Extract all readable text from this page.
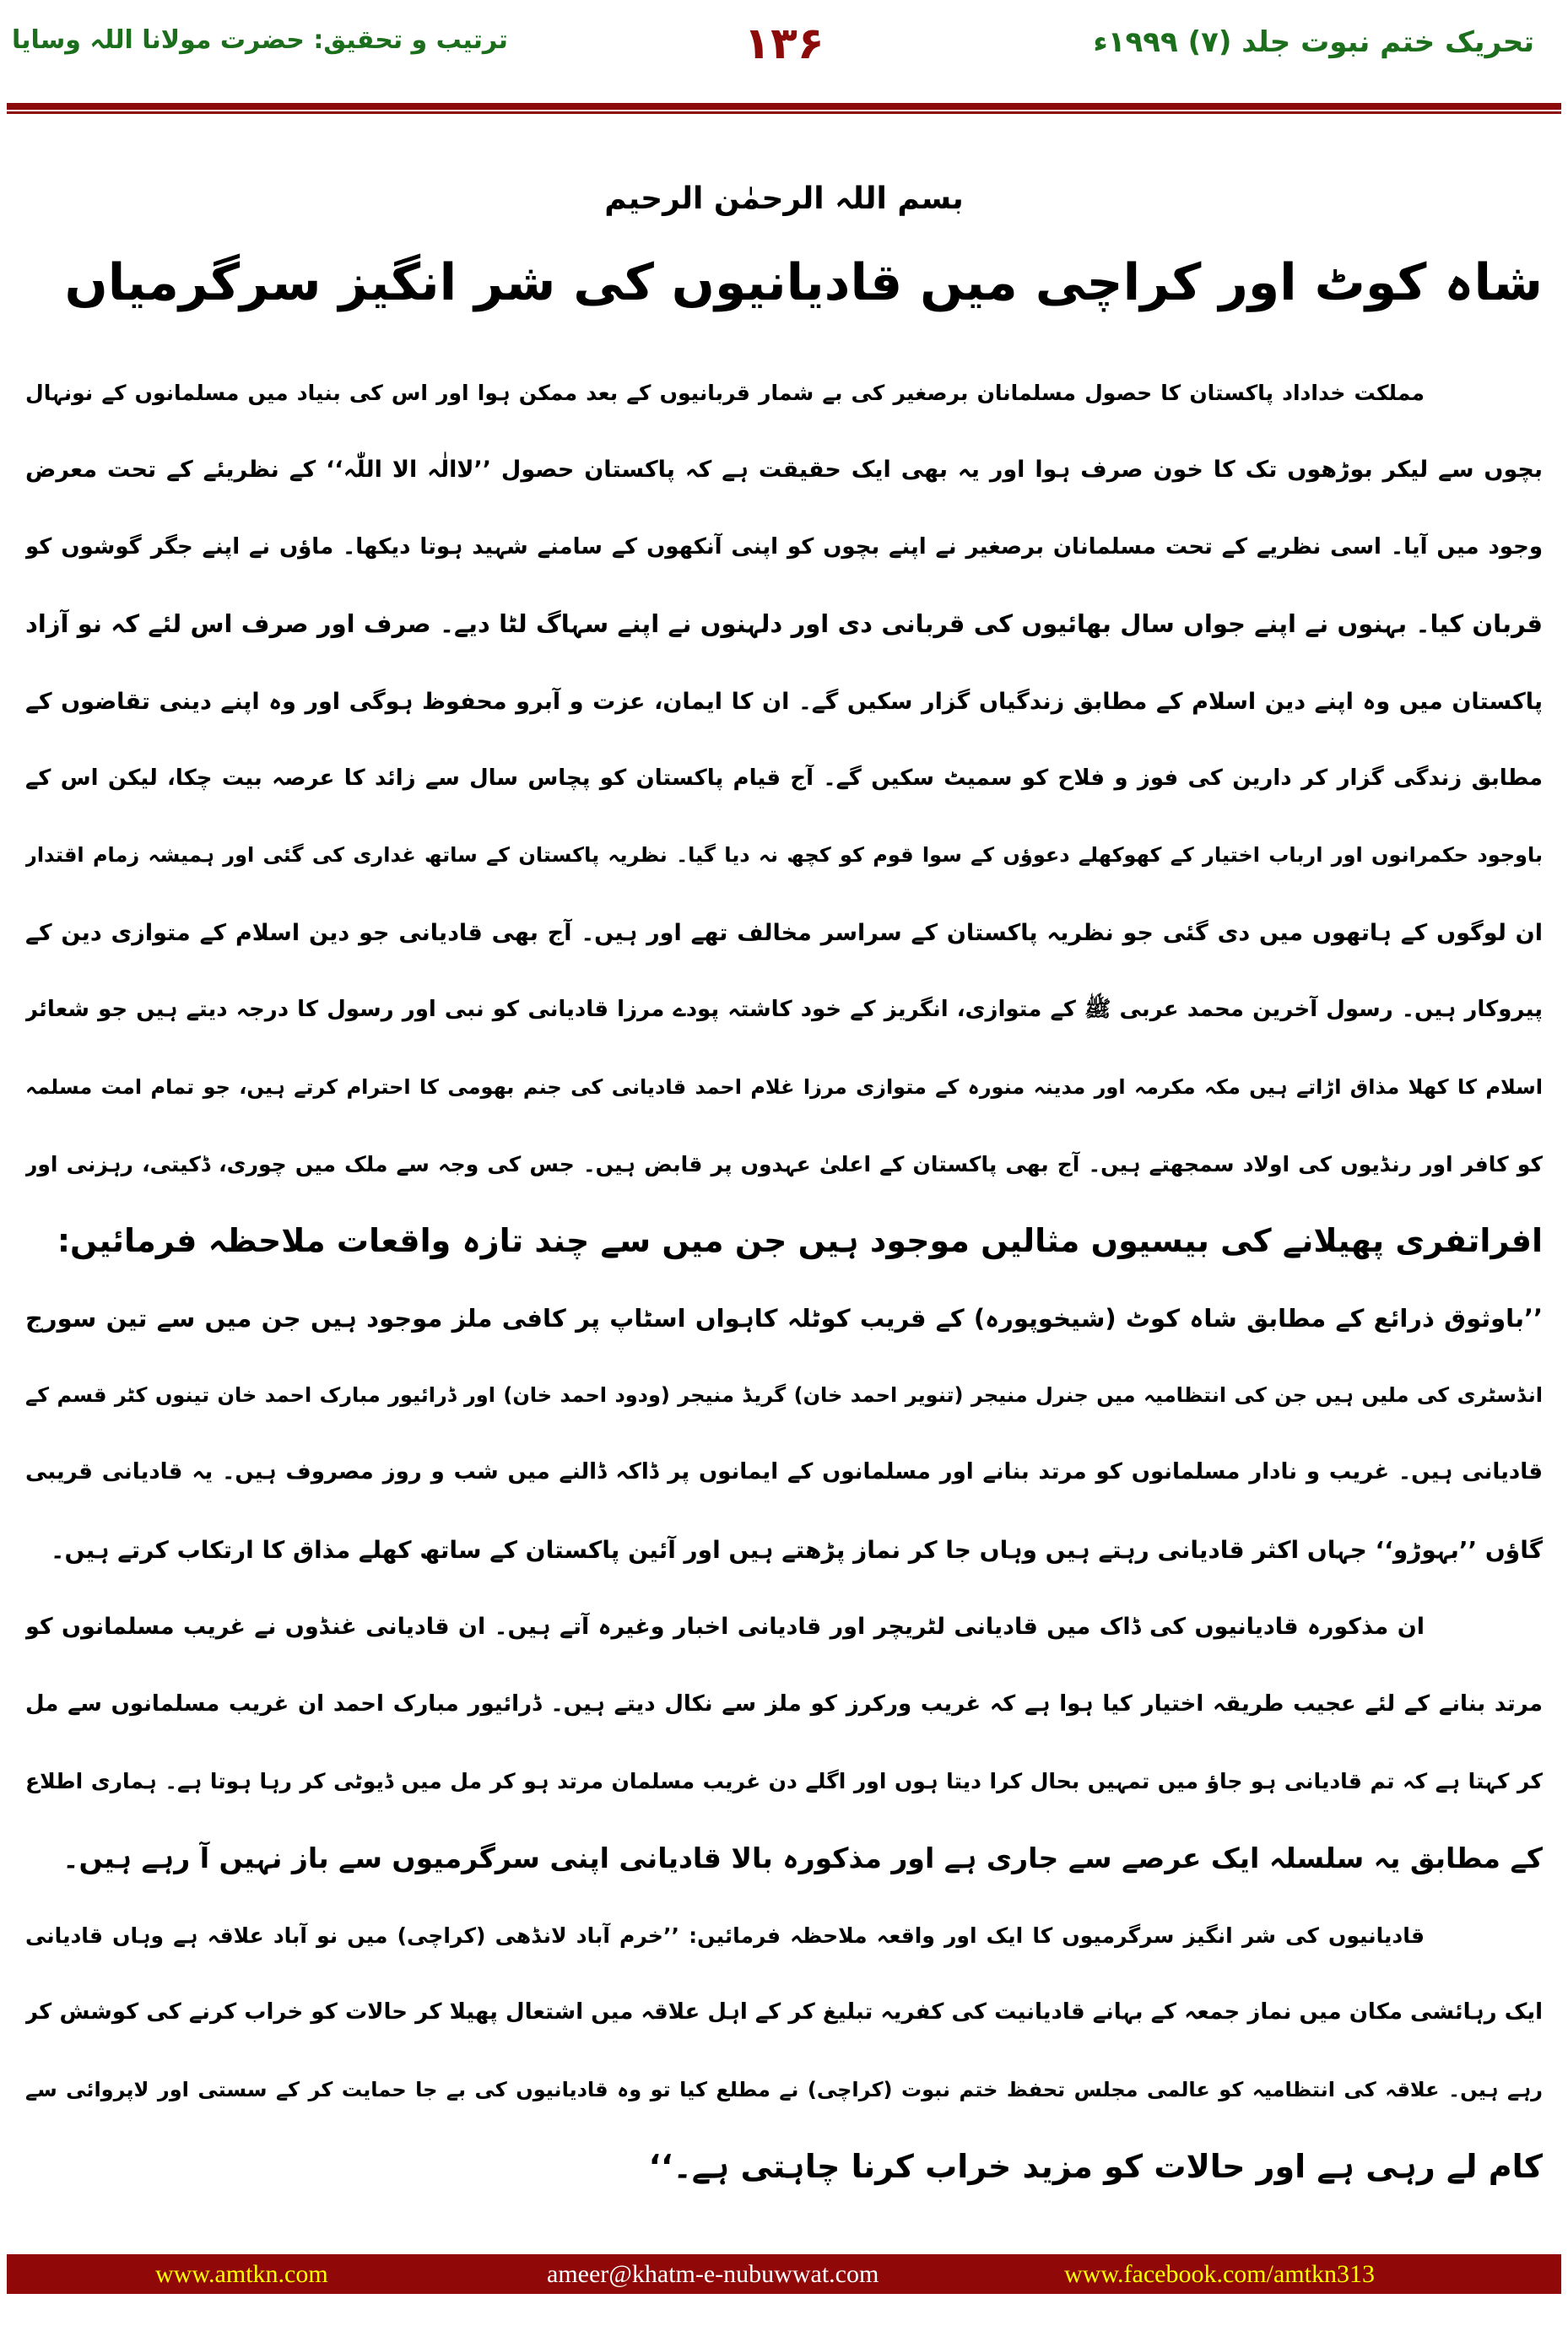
تحریک ختم نبوت جلد (۷) ۱۹۹۹ء
۱۳۶
ترتیب و تحقیق: حضرت مولانا اللہ وسایا
بسم اللہ الرحمٰن الرحیم
شاہ کوٹ اور کراچی میں قادیانیوں کی شر انگیز سرگرمیاں
مملکت خداداد پاکستان کا حصول مسلمانان برصغیر کی بے شمار قربانیوں کے بعد ممکن ہوا اور اس کی بنیاد میں مسلمانوں کے نونہال
بچوں سے لیکر بوڑھوں تک کا خون صرف ہوا اور یہ بھی ایک حقیقت ہے کہ پاکستان حصول ’’لاالٰہ الا اللّٰہ‘‘ کے نظریئے کے تحت معرض
وجود میں آیا۔ اسی نظریے کے تحت مسلمانان برصغیر نے اپنے بچوں کو اپنی آنکھوں کے سامنے شہید ہوتا دیکھا۔ ماؤں نے اپنے جگر گوشوں کو
قربان کیا۔ بہنوں نے اپنے جواں سال بھائیوں کی قربانی دی اور دلہنوں نے اپنے سہاگ لٹا دیے۔ صرف اور صرف اس لئے کہ نو آزاد
پاکستان میں وہ اپنے دین اسلام کے مطابق زندگیاں گزار سکیں گے۔ ان کا ایمان، عزت و آبرو محفوظ ہوگی اور وہ اپنے دینی تقاضوں کے
مطابق زندگی گزار کر دارین کی فوز و فلاح کو سمیٹ سکیں گے۔ آج قیام پاکستان کو پچاس سال سے زائد کا عرصہ بیت چکا، لیکن اس کے
باوجود حکمرانوں اور ارباب اختیار کے کھوکھلے دعوؤں کے سوا قوم کو کچھ نہ دیا گیا۔ نظریہ پاکستان کے ساتھ غداری کی گئی اور ہمیشہ زمام اقتدار
ان لوگوں کے ہاتھوں میں دی گئی جو نظریہ پاکستان کے سراسر مخالف تھے اور ہیں۔ آج بھی قادیانی جو دین اسلام کے متوازی دین کے
پیروکار ہیں۔ رسول آخرین محمد عربی ﷺ کے متوازی، انگریز کے خود کاشتہ پودے مرزا قادیانی کو نبی اور رسول کا درجہ دیتے ہیں جو شعائر
اسلام کا کھلا مذاق اڑاتے ہیں مکہ مکرمہ اور مدینہ منورہ کے متوازی مرزا غلام احمد قادیانی کی جنم بھومی کا احترام کرتے ہیں، جو تمام امت مسلمہ
کو کافر اور رنڈیوں کی اولاد سمجھتے ہیں۔ آج بھی پاکستان کے اعلیٰ عہدوں پر قابض ہیں۔ جس کی وجہ سے ملک میں چوری، ڈکیتی، رہزنی اور
افراتفری پھیلانے کی بیسیوں مثالیں موجود ہیں جن میں سے چند تازہ واقعات ملاحظہ فرمائیں:
’’باوثوق ذرائع کے مطابق شاہ کوٹ (شیخوپورہ) کے قریب کوٹلہ کاہواں اسٹاپ پر کافی ملز موجود ہیں جن میں سے تین سورج
انڈسٹری کی ملیں ہیں جن کی انتظامیہ میں جنرل منیجر (تنویر احمد خان) گریڈ منیجر (ودود احمد خان) اور ڈرائیور مبارک احمد خان تینوں کٹر قسم کے
قادیانی ہیں۔ غریب و نادار مسلمانوں کو مرتد بنانے اور مسلمانوں کے ایمانوں پر ڈاکہ ڈالنے میں شب و روز مصروف ہیں۔ یہ قادیانی قریبی
گاؤں ’’بہوڑو‘‘ جہاں اکثر قادیانی رہتے ہیں وہاں جا کر نماز پڑھتے ہیں اور آئین پاکستان کے ساتھ کھلے مذاق کا ارتکاب کرتے ہیں۔
ان مذکورہ قادیانیوں کی ڈاک میں قادیانی لٹریچر اور قادیانی اخبار وغیرہ آتے ہیں۔ ان قادیانی غنڈوں نے غریب مسلمانوں کو
مرتد بنانے کے لئے عجیب طریقہ اختیار کیا ہوا ہے کہ غریب ورکرز کو ملز سے نکال دیتے ہیں۔ ڈرائیور مبارک احمد ان غریب مسلمانوں سے مل
کر کہتا ہے کہ تم قادیانی ہو جاؤ میں تمہیں بحال کرا دیتا ہوں اور اگلے دن غریب مسلمان مرتد ہو کر مل میں ڈیوٹی کر رہا ہوتا ہے۔ ہماری اطلاع
کے مطابق یہ سلسلہ ایک عرصے سے جاری ہے اور مذکورہ بالا قادیانی اپنی سرگرمیوں سے باز نہیں آ رہے ہیں۔
قادیانیوں کی شر انگیز سرگرمیوں کا ایک اور واقعہ ملاحظہ فرمائیں: ’’خرم آباد لانڈھی (کراچی) میں نو آباد علاقہ ہے وہاں قادیانی
ایک رہائشی مکان میں نماز جمعہ کے بہانے قادیانیت کی کفریہ تبلیغ کر کے اہل علاقہ میں اشتعال پھیلا کر حالات کو خراب کرنے کی کوشش کر
رہے ہیں۔ علاقہ کی انتظامیہ کو عالمی مجلس تحفظ ختم نبوت (کراچی) نے مطلع کیا تو وہ قادیانیوں کی بے جا حمایت کر کے سستی اور لاپروائی سے
کام لے رہی ہے اور حالات کو مزید خراب کرنا چاہتی ہے۔‘‘
www.amtkn.com	ameer@khatm-e-nubuwwat.com	www.facebook.com/amtkn313
